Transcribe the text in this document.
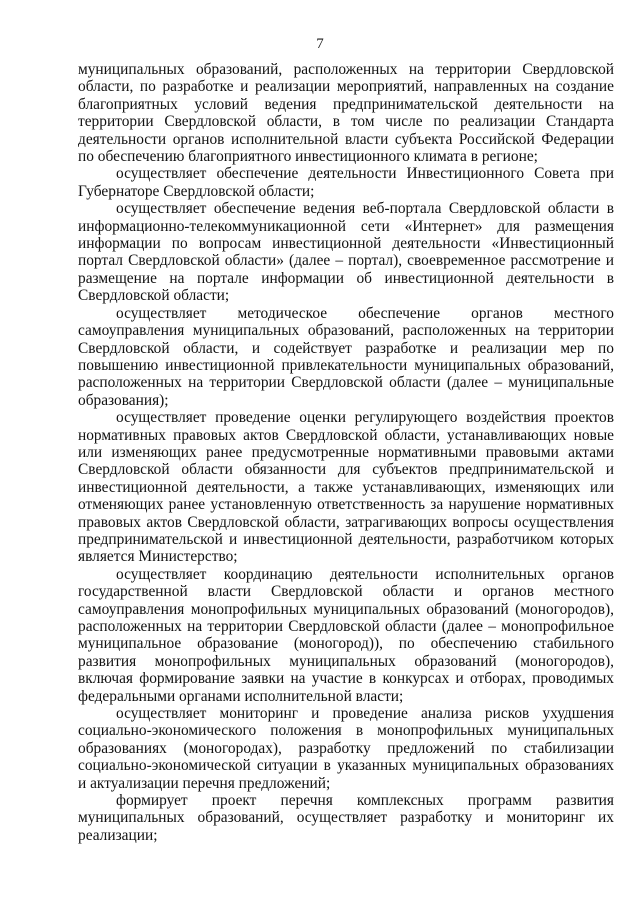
7

муниципальных образований, расположенных на территории Свердловской области, по разработке и реализации мероприятий, направленных на создание благоприятных условий ведения предпринимательской деятельности на территории Свердловской области, в том числе по реализации Стандарта деятельности органов исполнительной власти субъекта Российской Федерации по обеспечению благоприятного инвестиционного климата в регионе;

осуществляет обеспечение деятельности Инвестиционного Совета при Губернаторе Свердловской области;

осуществляет обеспечение ведения веб-портала Свердловской области в информационно-телекоммуникационной сети «Интернет» для размещения информации по вопросам инвестиционной деятельности «Инвестиционный портал Свердловской области» (далее – портал), своевременное рассмотрение и размещение на портале информации об инвестиционной деятельности в Свердловской области;

осуществляет методическое обеспечение органов местного самоуправления муниципальных образований, расположенных на территории Свердловской области, и содействует разработке и реализации мер по повышению инвестиционной привлекательности муниципальных образований, расположенных на территории Свердловской области (далее – муниципальные образования);

осуществляет проведение оценки регулирующего воздействия проектов нормативных правовых актов Свердловской области, устанавливающих новые или изменяющих ранее предусмотренные нормативными правовыми актами Свердловской области обязанности для субъектов предпринимательской и инвестиционной деятельности, а также устанавливающих, изменяющих или отменяющих ранее установленную ответственность за нарушение нормативных правовых актов Свердловской области, затрагивающих вопросы осуществления предпринимательской и инвестиционной деятельности, разработчиком которых является Министерство;

осуществляет координацию деятельности исполнительных органов государственной власти Свердловской области и органов местного самоуправления монопрофильных муниципальных образований (моногородов), расположенных на территории Свердловской области (далее – монопрофильное муниципальное образование (моногород)), по обеспечению стабильного развития монопрофильных муниципальных образований (моногородов), включая формирование заявки на участие в конкурсах и отборах, проводимых федеральными органами исполнительной власти;

осуществляет мониторинг и проведение анализа рисков ухудшения социально-экономического положения в монопрофильных муниципальных образованиях (моногородах), разработку предложений по стабилизации социально-экономической ситуации в указанных муниципальных образованиях и актуализации перечня предложений;

формирует проект перечня комплексных программ развития муниципальных образований, осуществляет разработку и мониторинг их реализации;
